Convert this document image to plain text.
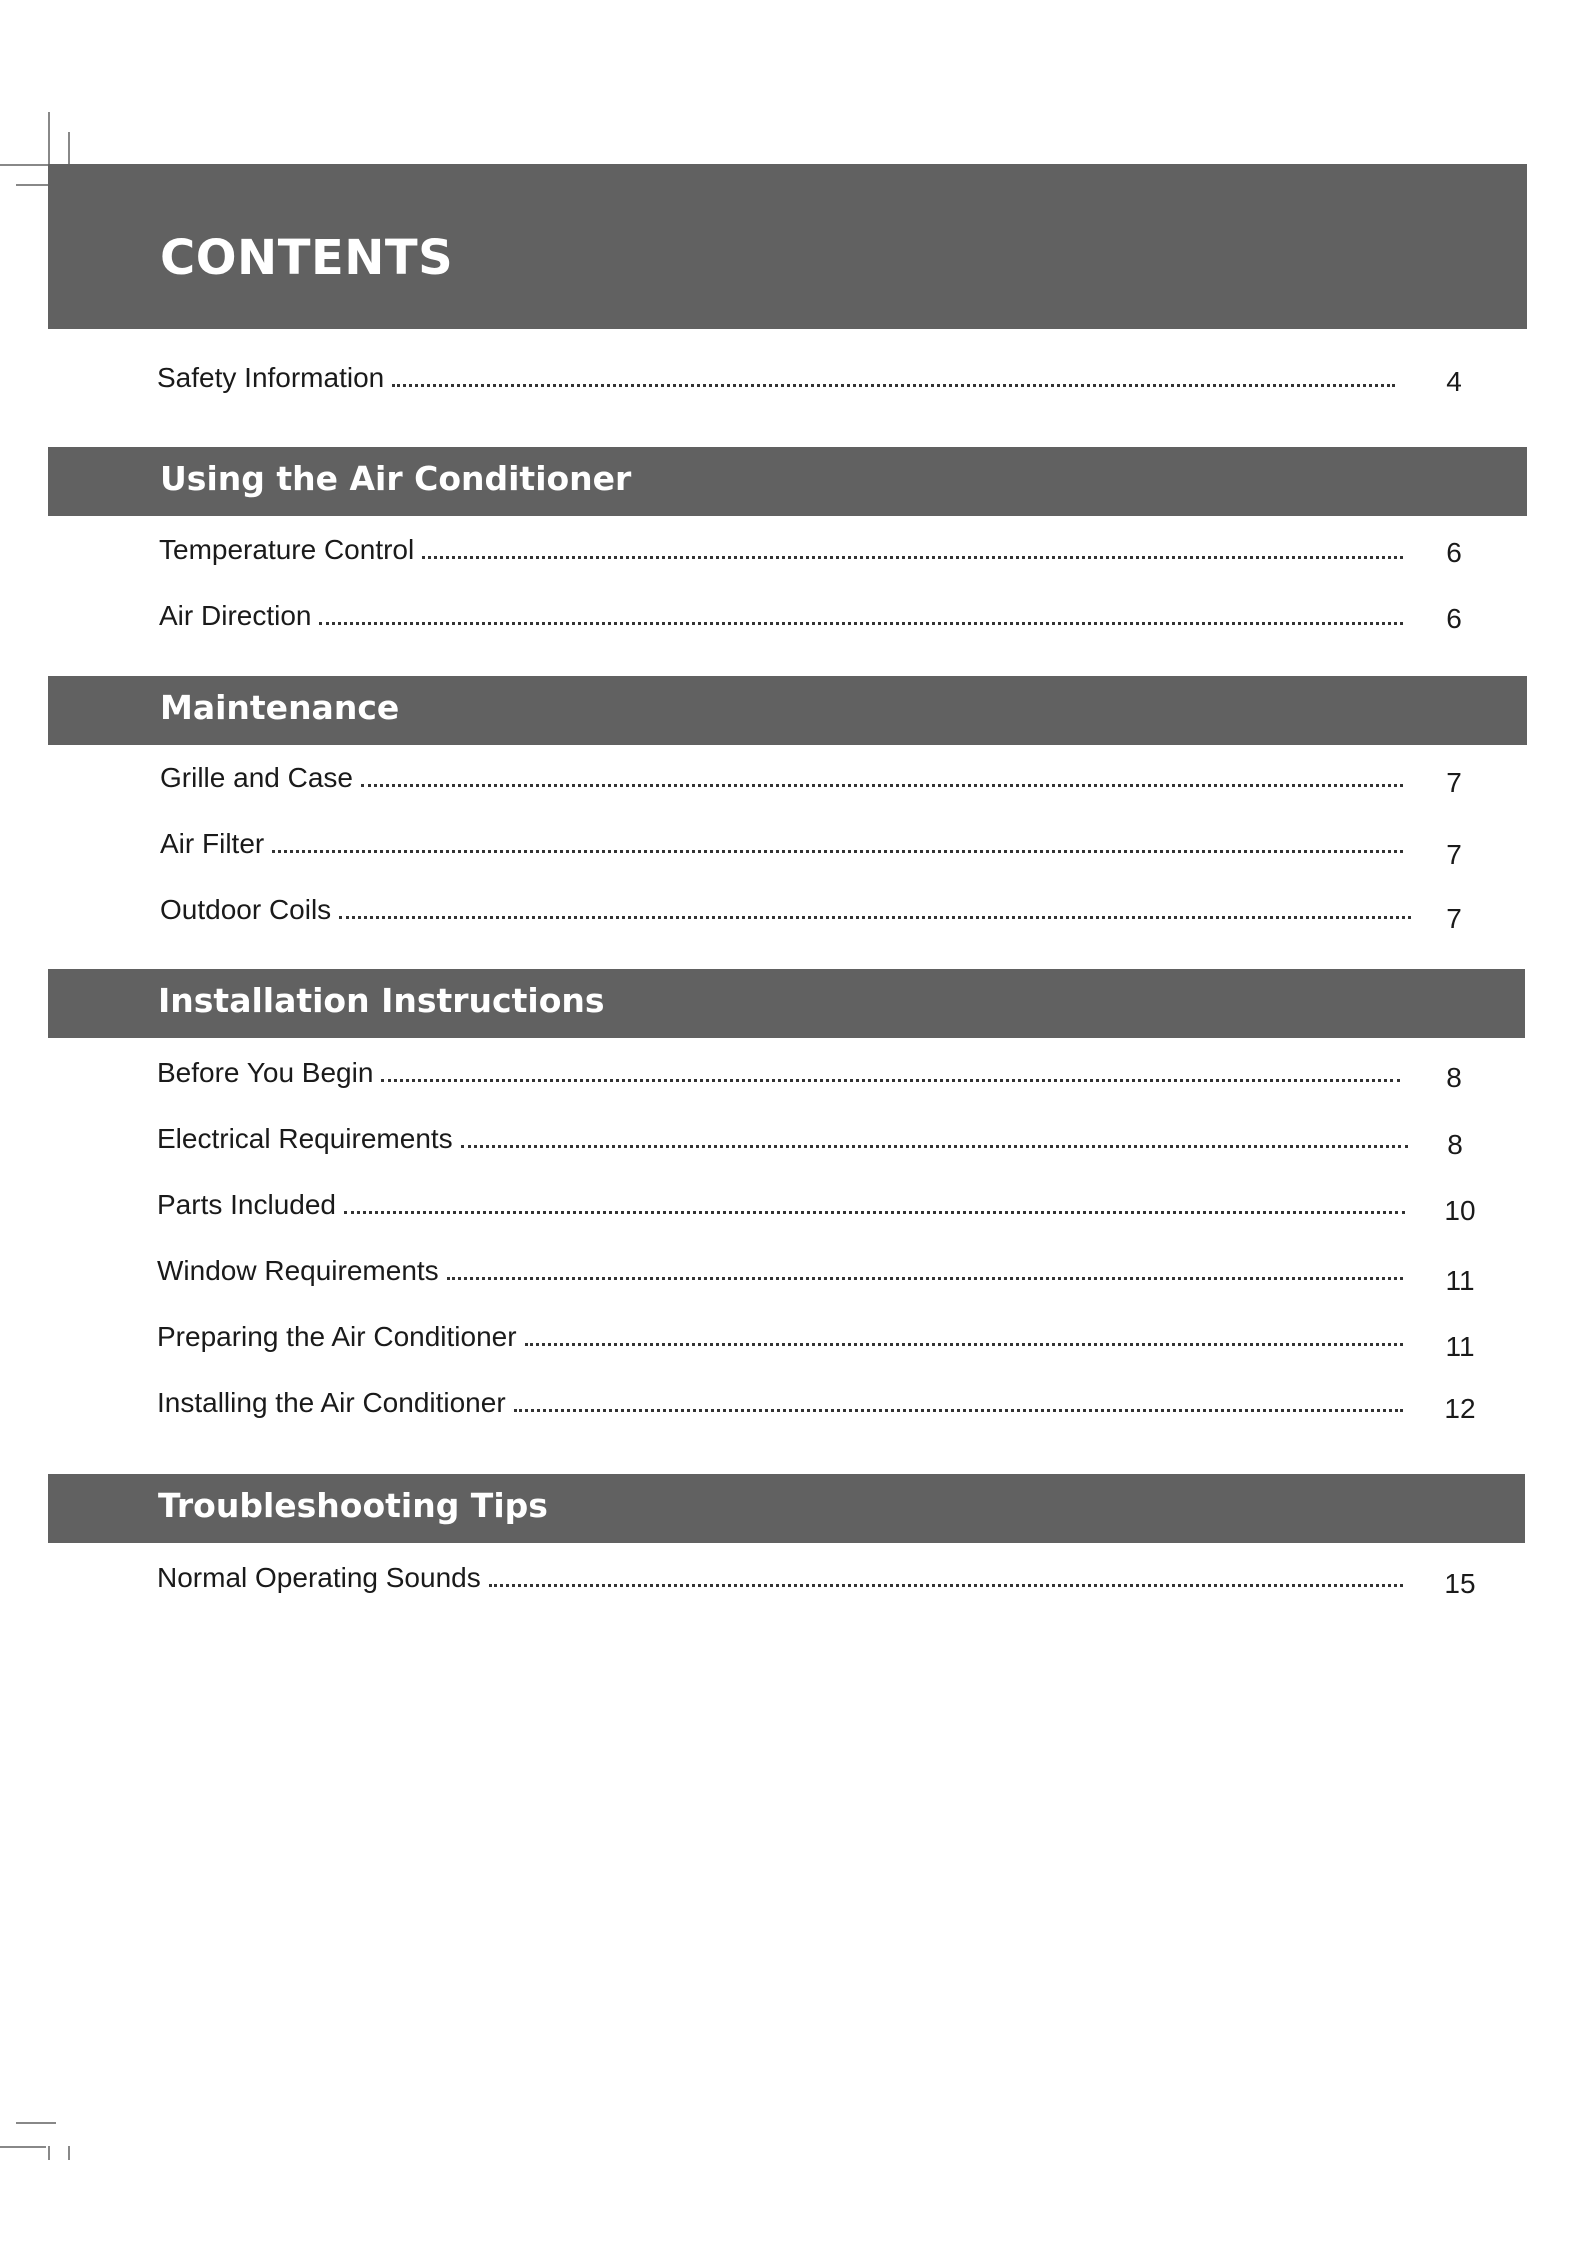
CONTENTS
Safety Information	4
Using the Air Conditioner
Temperature Control	6
Air Direction	6
Maintenance
Grille and Case	7
Air Filter	7
Outdoor Coils	7
Installation Instructions
Before You Begin	8
Electrical Requirements	8
Parts Included	10
Window Requirements	11
Preparing the Air Conditioner	11
Installing the Air Conditioner	12
Troubleshooting Tips
Normal Operating Sounds	15
